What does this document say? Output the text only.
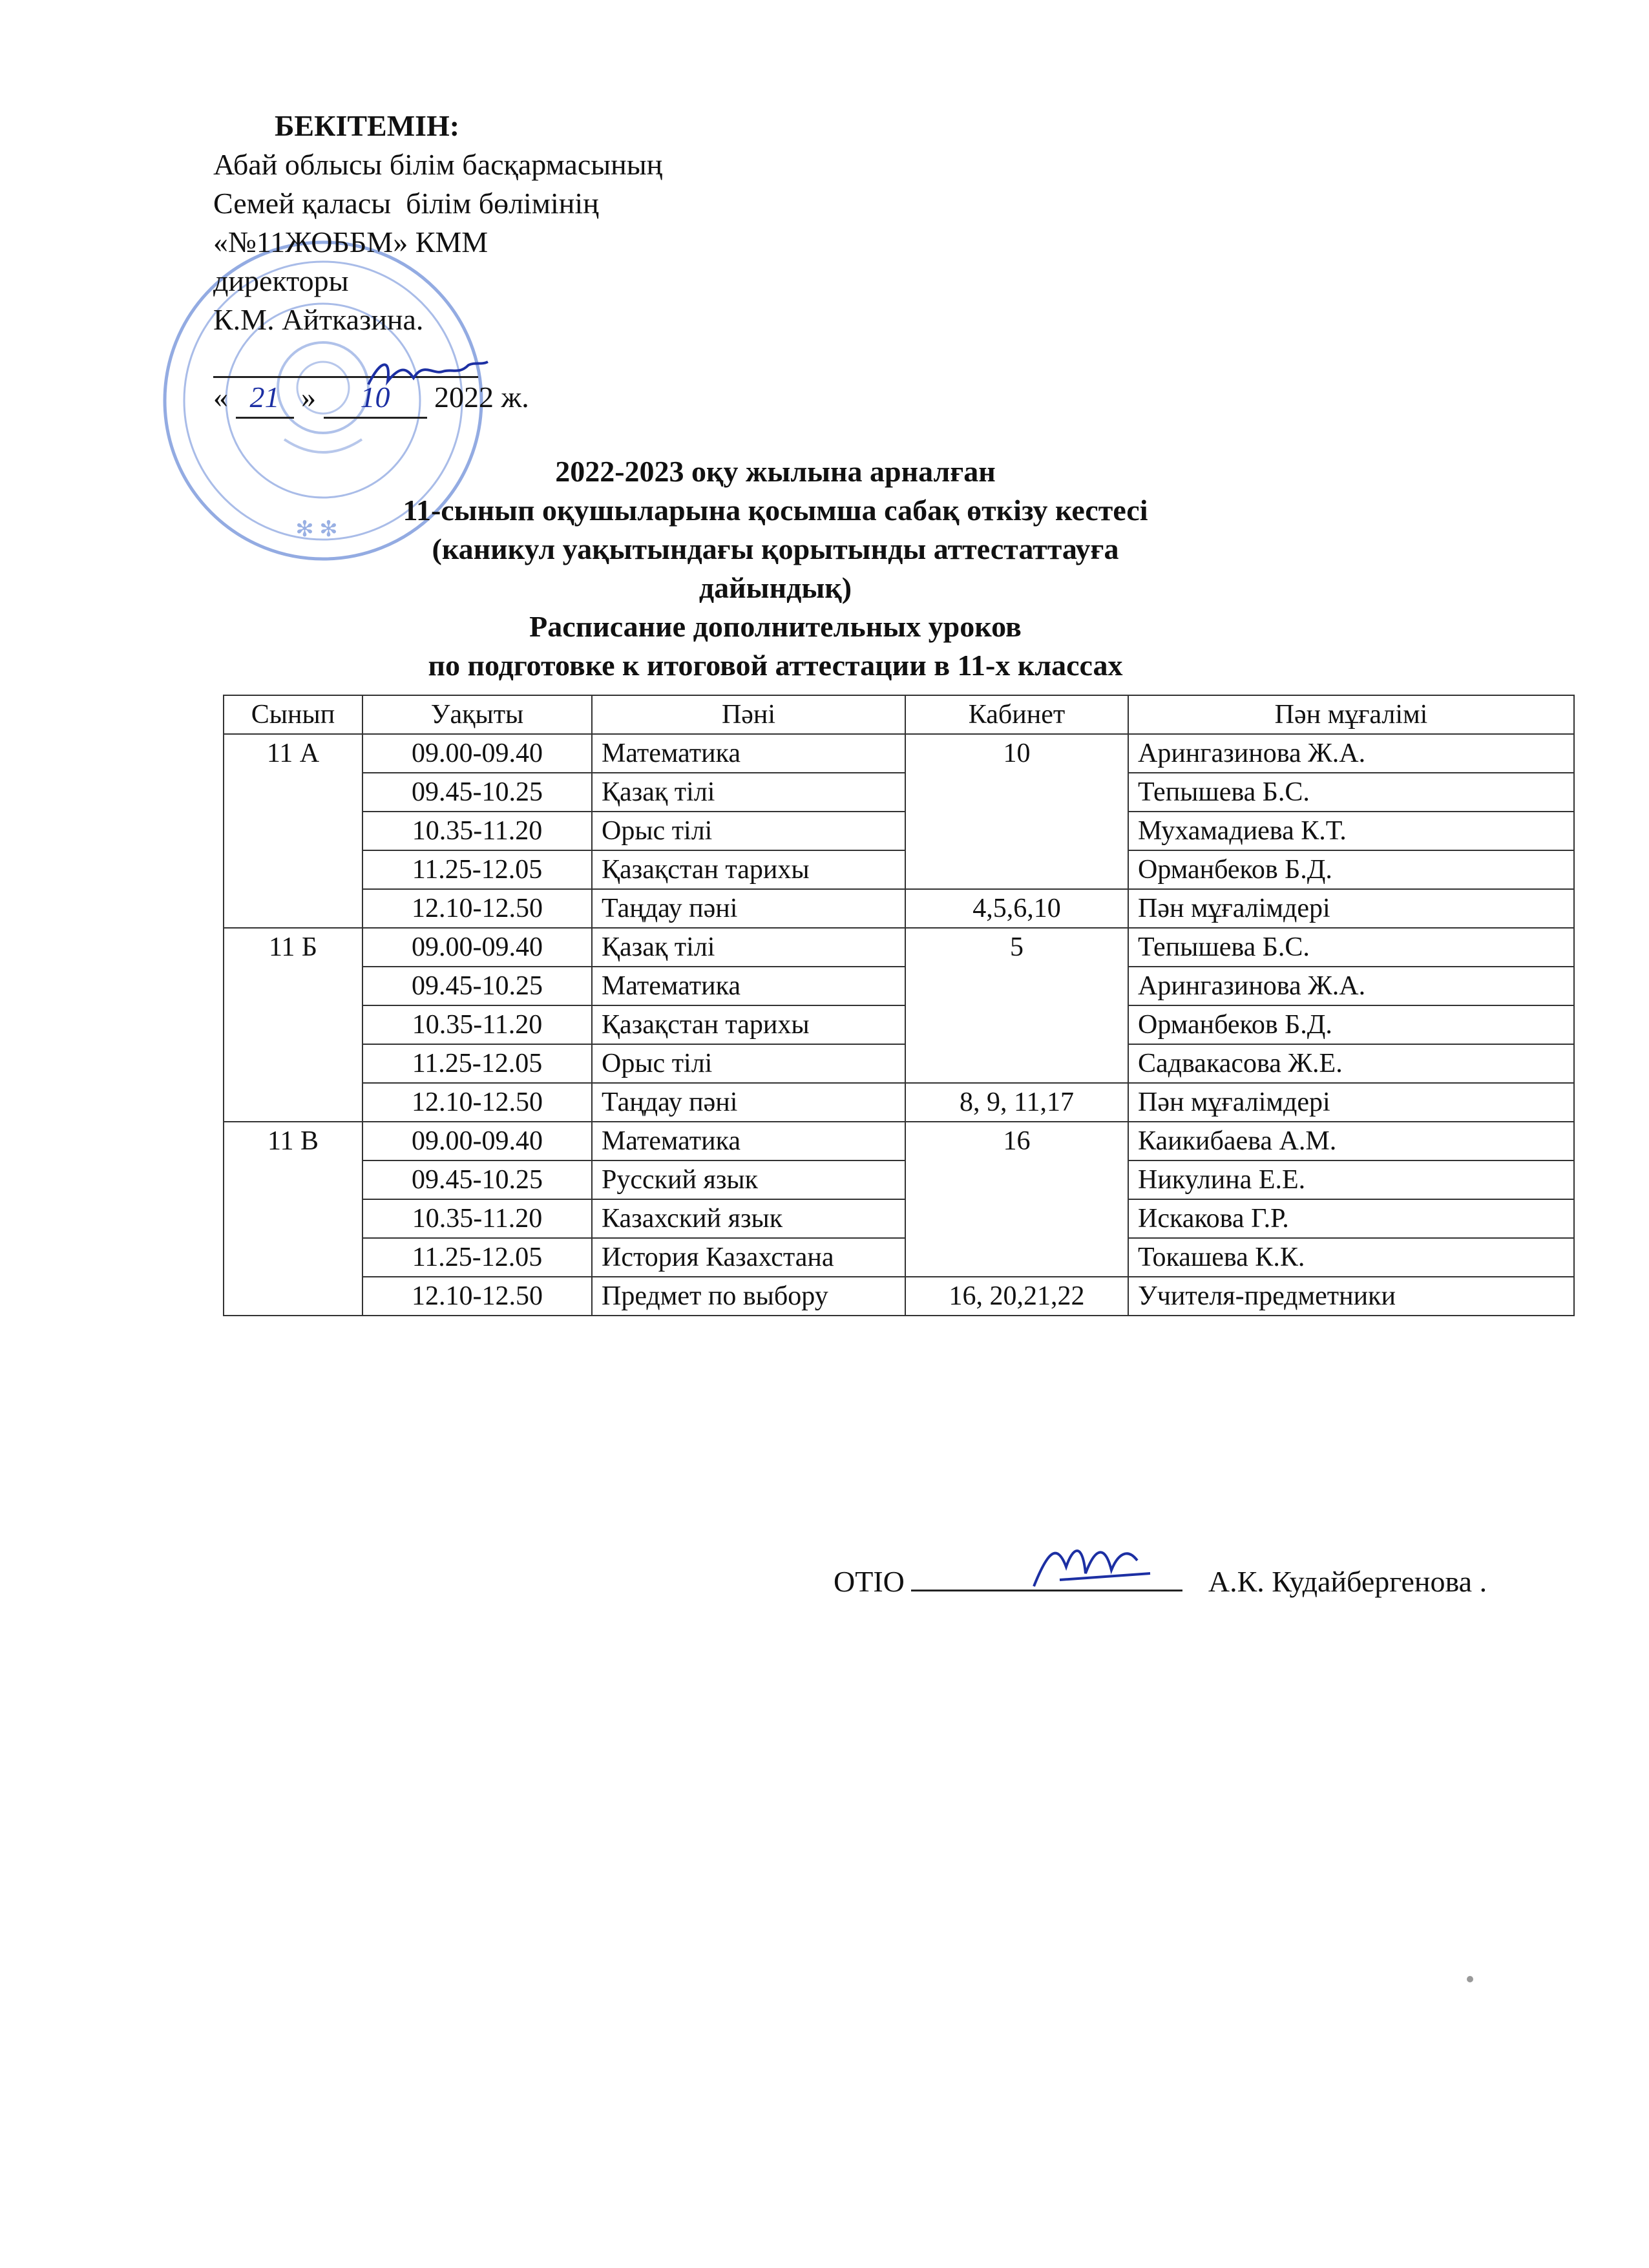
✻ ✻
БЕКІТЕМІН:
Абай облысы білім басқармасының
Семей қаласы  білім бөлімінің
«№11ЖОББМ» КММ
директоры
К.М. Айтказина.
« 21 » 10 2022 ж.
2022-2023 оқу жылына арналған
11-сынып оқушыларына қосымша сабақ өткізу кестесі
(каникул уақытындағы қорытынды аттестаттауға дайындық)
Расписание дополнительных уроков
по подготовке к итоговой аттестации в 11-х классах
Сынып	Уақыты	Пәні	Кабинет	Пән мұғалімі
11 А	09.00-09.40	Математика	10	Арингазинова Ж.А.
	09.45-10.25	Қазақ тілі		Тепышева Б.С.
	10.35-11.20	Орыс тілі		Мухамадиева К.Т.
	11.25-12.05	Қазақстан тарихы		Орманбеков Б.Д.
	12.10-12.50	Таңдау пәні	4,5,6,10	Пән мұғалімдері
11 Б	09.00-09.40	Қазақ тілі	5	Тепышева Б.С.
	09.45-10.25	Математика		Арингазинова Ж.А.
	10.35-11.20	Қазақстан тарихы		Орманбеков Б.Д.
	11.25-12.05	Орыс тілі		Садвакасова Ж.Е.
	12.10-12.50	Таңдау пәні	8, 9, 11,17	Пән мұғалімдері
11 В	09.00-09.40	Математика	16	Каикибаева А.М.
	09.45-10.25	Русский язык		Никулина Е.Е.
	10.35-11.20	Казахский язык		Искакова Г.Р.
	11.25-12.05	История Казахстана		Токашева К.К.
	12.10-12.50	Предмет по выбору	16, 20,21,22	Учителя-предметники
ОТІО	А.К. Кудайбергенова .
